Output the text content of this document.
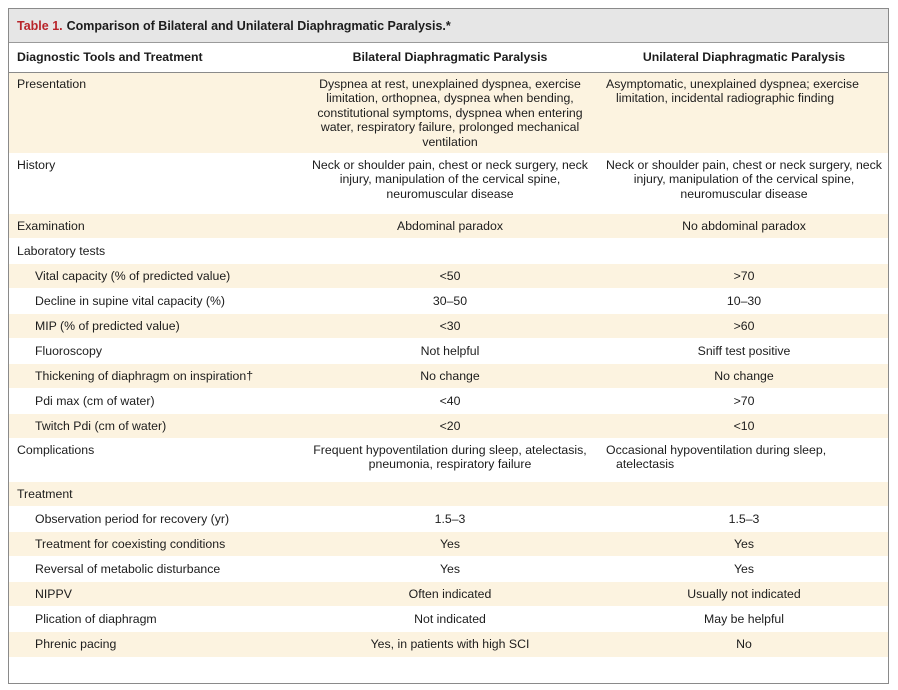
Table 1. Comparison of Bilateral and Unilateral Diaphragmatic Paralysis.*
Diagnostic Tools and Treatment	Bilateral Diaphragmatic Paralysis	Unilateral Diaphragmatic Paralysis
Presentation	Dyspnea at rest, unexplained dyspnea, exercise limitation, orthopnea, dyspnea when bending, constitutional symptoms, dyspnea when entering water, respiratory failure, prolonged mechanical ventilation	Asymptomatic, unexplained dyspnea; exercise limitation, incidental radiographic finding

History	Neck or shoulder pain, chest or neck surgery, neck injury, manipulation of the cervical spine, neuromuscular disease	Neck or shoulder pain, chest or neck surgery, neck injury, manipulation of the cervical spine, neuromuscular disease
Examination	Abdominal paradox	No abdominal paradox
Laboratory tests		
Vital capacity (% of predicted value)	<50	>70
Decline in supine vital capacity (%)	30–50	10–30
MIP (% of predicted value)	<30	>60
Fluoroscopy	Not helpful	Sniff test positive
Thickening of diaphragm on inspiration†	No change	No change
Pdi max (cm of water)	<40	>70
Twitch Pdi (cm of water)	<20	<10
Complications	Frequent hypoventilation during sleep, atelectasis, pneumonia, respiratory failure	Occasional hypoventilation during sleep, atelectasis

Treatment		
Observation period for recovery (yr)	1.5–3	1.5–3
Treatment for coexisting conditions	Yes	Yes
Reversal of metabolic disturbance	Yes	Yes
NIPPV	Often indicated	Usually not indicated
Plication of diaphragm	Not indicated	May be helpful
Phrenic pacing	Yes, in patients with high SCI	No
